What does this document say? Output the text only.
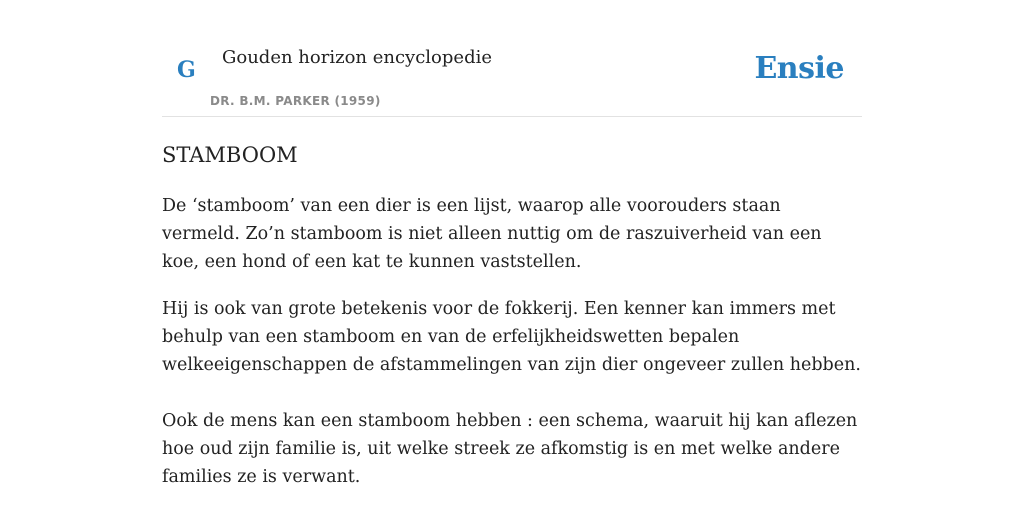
G Gouden horizon encyclopedie
DR. B.M. PARKER (1959)
Ensie
STAMBOOM

De ‘stamboom’ van een dier is een lijst, waarop alle voorouders staan vermeld. Zo’n stamboom is niet alleen nuttig om de raszuiverheid van een koe, een hond of een kat te kunnen vaststellen.

Hij is ook van grote betekenis voor de fokkerij. Een kenner kan immers met behulp van een stamboom en van de erfelijkheidswetten bepalen welkeeigenschappen de afstammelingen van zijn dier ongeveer zullen hebben.

Ook de mens kan een stamboom hebben : een schema, waaruit hij kan aflezen hoe oud zijn familie is, uit welke streek ze afkomstig is en met welke andere families ze is verwant.
